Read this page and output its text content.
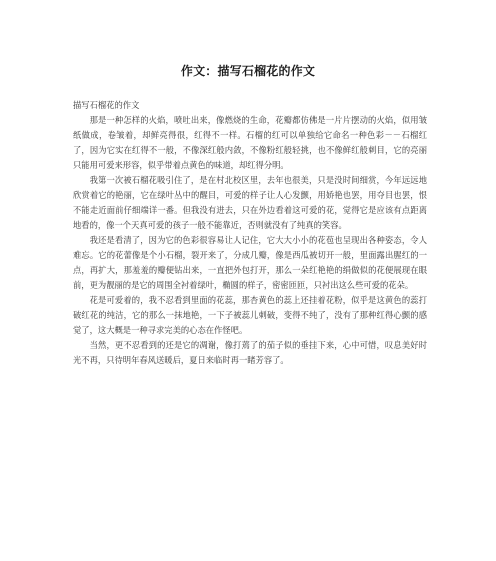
作文：描写石榴花的作文

描写石榴花的作文

那是一种怎样的火焰，喷吐出来，像燃烧的生命，花瓣都仿佛是一片片摆动的火焰，似用皱纸做成，卷皱着，却鲜亮得很，红得不一样。石榴的红可以单独给它命名一种色彩－－石榴红了，因为它实在红得不一般，不像深红般内敛，不像粉红般轻挑，也不像鲜红般刺目，它的亮丽只能用可爱来形容，似乎带着点黄色的味道，却红得分明。

我第一次被石榴花吸引住了，是在村北校区里，去年也很美，只是没时间细赏，今年远远地欣赏着它的艳丽，它在绿叶丛中的醒目，可爱的样子让人心发颤，用娇艳也罢，用夺目也罢，恨不能走近面前仔细端详一番。但我没有进去，只在外边看着这可爱的花，觉得它是应该有点距离地看的，像一个天真可爱的孩子一般不能靠近，否则就没有了纯真的笑容。

我还是看清了，因为它的色彩很容易让人记住，它大大小小的花苞也呈现出各种姿态，令人难忘。它的花蕾像是个小石榴，裂开来了，分成几瓣，像是西瓜被切开一般，里面露出腥红的一点，再扩大，那羞羞的瓣便钻出来，一直把外包打开，那么一朵红艳艳的绢做似的花便展现在眼前，更为靓丽的是它的周围全衬着绿叶，椭圆的样子，密密匝匝，只衬出这么些可爱的花朵。

花是可爱着的，我不忍看到里面的花蕊，那杏黄色的蕊上还挂着花粉，似乎是这黄色的蕊打破红花的纯洁，它的那么一抹地艳，一下子被蕊儿刺破，变得不纯了，没有了那种红得心颤的感觉了，这大概是一种寻求完美的心态在作怪吧。

当然，更不忍看到的还是它的凋谢，像打蔫了的茄子似的垂挂下来，心中可惜，叹息美好时光不再，只待明年春风送暖后，夏日来临时再一睹芳容了。
